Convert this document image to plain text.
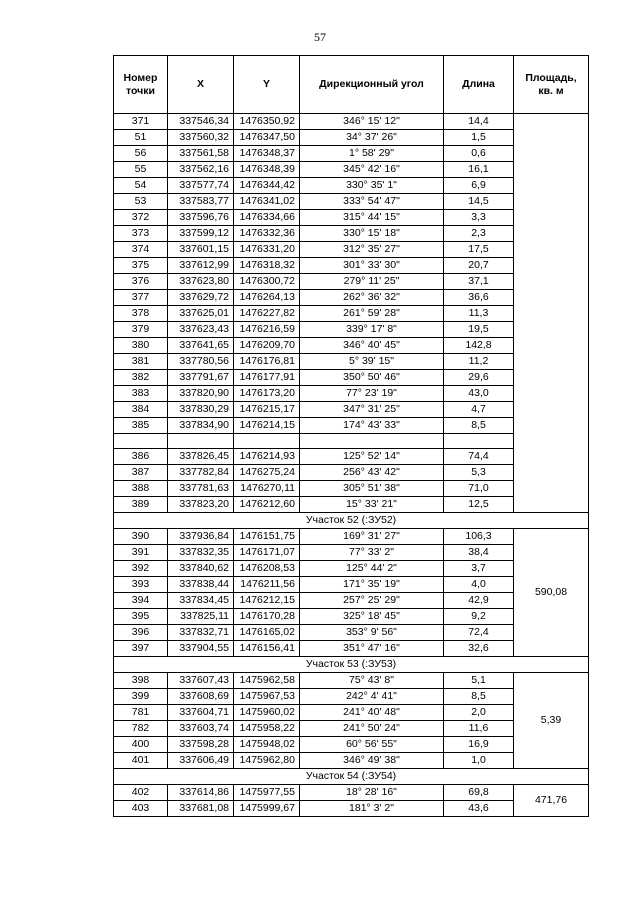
57
Номер точки	X	Y	Дирекционный угол	Длина	Площадь, кв. м
371	337546,34	1476350,92	346° 15' 12"	14,4	
51	337560,32	1476347,50	34° 37' 26"	1,5	
56	337561,58	1476348,37	1° 58' 29"	0,6	
55	337562,16	1476348,39	345° 42' 16"	16,1	
54	337577,74	1476344,42	330° 35' 1"	6,9	
53	337583,77	1476341,02	333° 54' 47"	14,5	
372	337596,76	1476334,66	315° 44' 15"	3,3	
373	337599,12	1476332,36	330° 15' 18"	2,3	
374	337601,15	1476331,20	312° 35' 27"	17,5	
375	337612,99	1476318,32	301° 33' 30"	20,7	
376	337623,80	1476300,72	279° 11' 25"	37,1	
377	337629,72	1476264,13	262° 36' 32"	36,6	
378	337625,01	1476227,82	261° 59' 28"	11,3	
379	337623,43	1476216,59	339° 17' 8"	19,5	
380	337641,65	1476209,70	346° 40' 45"	142,8	
381	337780,56	1476176,81	5° 39' 15"	11,2	
382	337791,67	1476177,91	350° 50' 46"	29,6	
383	337820,90	1476173,20	77° 23' 19"	43,0	
384	337830,29	1476215,17	347° 31' 25"	4,7	
385	337834,90	1476214,15	174° 43' 33"	8,5	

386	337826,45	1476214,93	125° 52' 14"	74,4	
387	337782,84	1476275,24	256° 43' 42"	5,3	
388	337781,63	1476270,11	305° 51' 38"	71,0	
389	337823,20	1476212,60	15° 33' 21"	12,5	
Участок 52 (:ЗУ52)					
390	337936,84	1476151,75	169° 31' 27"	106,3	590,08
391	337832,35	1476171,07	77° 33' 2"	38,4	
392	337840,62	1476208,53	125° 44' 2"	3,7	
393	337838,44	1476211,56	171° 35' 19"	4,0	
394	337834,45	1476212,15	257° 25' 29"	42,9	
395	337825,11	1476170,28	325° 18' 45"	9,2	
396	337832,71	1476165,02	353° 9' 56"	72,4	
397	337904,55	1476156,41	351° 47' 16"	32,6	
Участок 53 (:ЗУ53)					
398	337607,43	1475962,58	75° 43' 8"	5,1	5,39
399	337608,69	1475967,53	242° 4' 41"	8,5	
781	337604,71	1475960,02	241° 40' 48"	2,0	
782	337603,74	1475958,22	241° 50' 24"	11,6	
400	337598,28	1475948,02	60° 56' 55"	16,9	
401	337606,49	1475962,80	346° 49' 38"	1,0	
Участок 54 (:ЗУ54)					
402	337614,86	1475977,55	18° 28' 16"	69,8	471,76
403	337681,08	1475999,67	181° 3' 2"	43,6	
